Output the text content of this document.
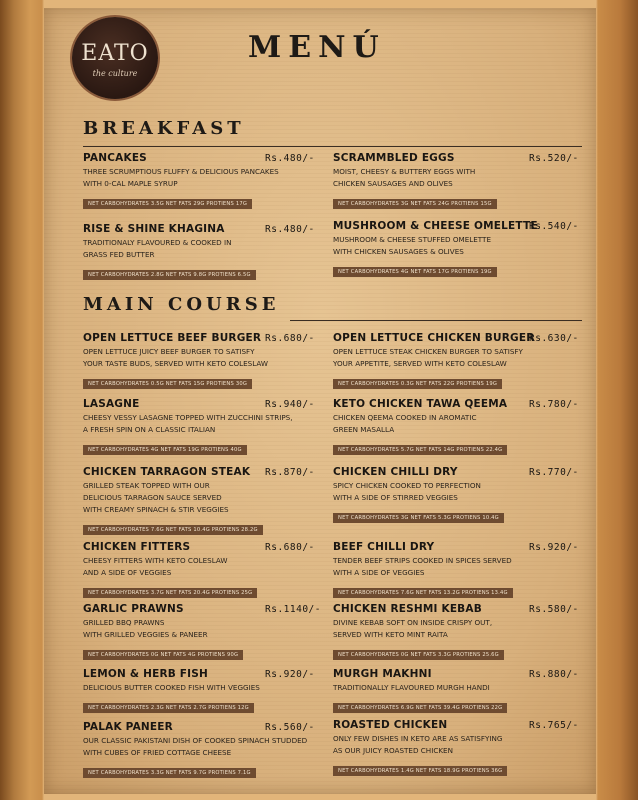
EATO
the culture
MENÚ
BREAKFAST
MAIN COURSE
PANCAKES	Rs.480/-
THREE SCRUMPTIOUS FLUFFY & DELICIOUS PANCAKES
WITH 0-CAL MAPLE SYRUP
NET CARBOHYDRATES 3.5G NET FATS 29G PROTIENS 17G
SCRAMMBLED EGGS	Rs.520/-
MOIST, CHEESY & BUTTERY EGGS WITH
CHICKEN SAUSAGES AND OLIVES
NET CARBOHYDRATES 3G NET FATS 24G PROTIENS 15G
RISE & SHINE KHAGINA	Rs.480/-
TRADITIONALY FLAVOURED & COOKED IN
GRASS FED BUTTER
NET CARBOHYDRATES 2.8G NET FATS 9.8G PROTIENS 6.5G
MUSHROOM & CHEESE OMELETTE
Rs.540/-
MUSHROOM & CHEESE STUFFED OMELETTE
WITH CHICKEN SAUSAGES & OLIVES
NET CARBOHYDRATES 4G NET FATS 17G PROTIENS 19G
OPEN LETTUCE BEEF BURGER Rs.680/-
OPEN LETTUCE JUICY BEEF BURGER TO SATISFY
YOUR TASTE BUDS, SERVED WITH KETO COLESLAW
NET CARBOHYDRATES 0.5G NET FATS 15G PROTIENS 30G
OPEN LETTUCE CHICKEN BURGER
Rs.630/-
OPEN LETTUCE STEAK CHICKEN BURGER TO SATISFY
YOUR APPETITE, SERVED WITH KETO COLESLAW
NET CARBOHYDRATES 0.3G NET FATS 22G PROTIENS 19G
LASAGNE	Rs.940/-
CHEESY VESSY LASAGNE TOPPED WITH ZUCCHINI STRIPS,
A FRESH SPIN ON A CLASSIC ITALIAN
NET CARBOHYDRATES 4G NET FATS 19G PROTIENS 40G
KETO CHICKEN TAWA QEEMA	Rs.780/-
CHICKEN QEEMA COOKED IN AROMATIC
GREEN MASALLA
NET CARBOHYDRATES 5.7G NET FATS 14G PROTIENS 22.4G
CHICKEN TARRAGON STEAK	Rs.870/-
GRILLED STEAK TOPPED WITH OUR
DELICIOUS TARRAGON SAUCE SERVED
WITH CREAMY SPINACH & STIR VEGGIES
NET CARBOHYDRATES 7.6G NET FATS 10.4G PROTIENS 28.2G
CHICKEN CHILLI DRY	Rs.770/-
SPICY CHICKEN COOKED TO PERFECTION
WITH A SIDE OF STIRRED VEGGIES
NET CARBOHYDRATES 3G NET FATS 5.3G PROTIENS 10.4G
CHICKEN FITTERS	Rs.680/-
CHEESY FITTERS WITH KETO COLESLAW
AND A SIDE OF VEGGIES
NET CARBOHYDRATES 3.7G NET FATS 20.4G PROTIENS 25G
BEEF CHILLI DRY	Rs.920/-
TENDER BEEF STRIPS COOKED IN SPICES SERVED
WITH A SIDE OF VEGGIES
NET CARBOHYDRATES 7.6G NET FATS 13.2G PROTIENS 13.4G
GARLIC PRAWNS	Rs.1140/-
GRILLED BBQ PRAWNS
WITH GRILLED VEGGIES & PANEER
NET CARBOHYDRATES 0G NET FATS 4G PROTIENS 90G
CHICKEN RESHMI KEBAB	Rs.580/-
DIVINE KEBAB SOFT ON INSIDE CRISPY OUT,
SERVED WITH KETO MINT RAITA
NET CARBOHYDRATES 0G NET FATS 3.3G PROTIENS 25.6G
LEMON & HERB FISH	Rs.920/-
DELICIOUS BUTTER COOKED FISH WITH VEGGIES
NET CARBOHYDRATES 2.3G NET FATS 2.7G PROTIENS 12G
MURGH MAKHNI	Rs.880/-
TRADITIONALLY FLAVOURED MURGH HANDI
NET CARBOHYDRATES 6.9G NET FATS 39.4G PROTIENS 22G
PALAK PANEER	Rs.560/-
OUR CLASSIC PAKISTANI DISH OF COOKED SPINACH STUDDED
WITH CUBES OF FRIED COTTAGE CHEESE
NET CARBOHYDRATES 3.3G NET FATS 9.7G PROTIENS 7.1G
ROASTED CHICKEN	Rs.765/-
ONLY FEW DISHES IN KETO ARE AS SATISFYING
AS OUR JUICY ROASTED CHICKEN
NET CARBOHYDRATES 1.4G NET FATS 18.9G PROTIENS 36G
